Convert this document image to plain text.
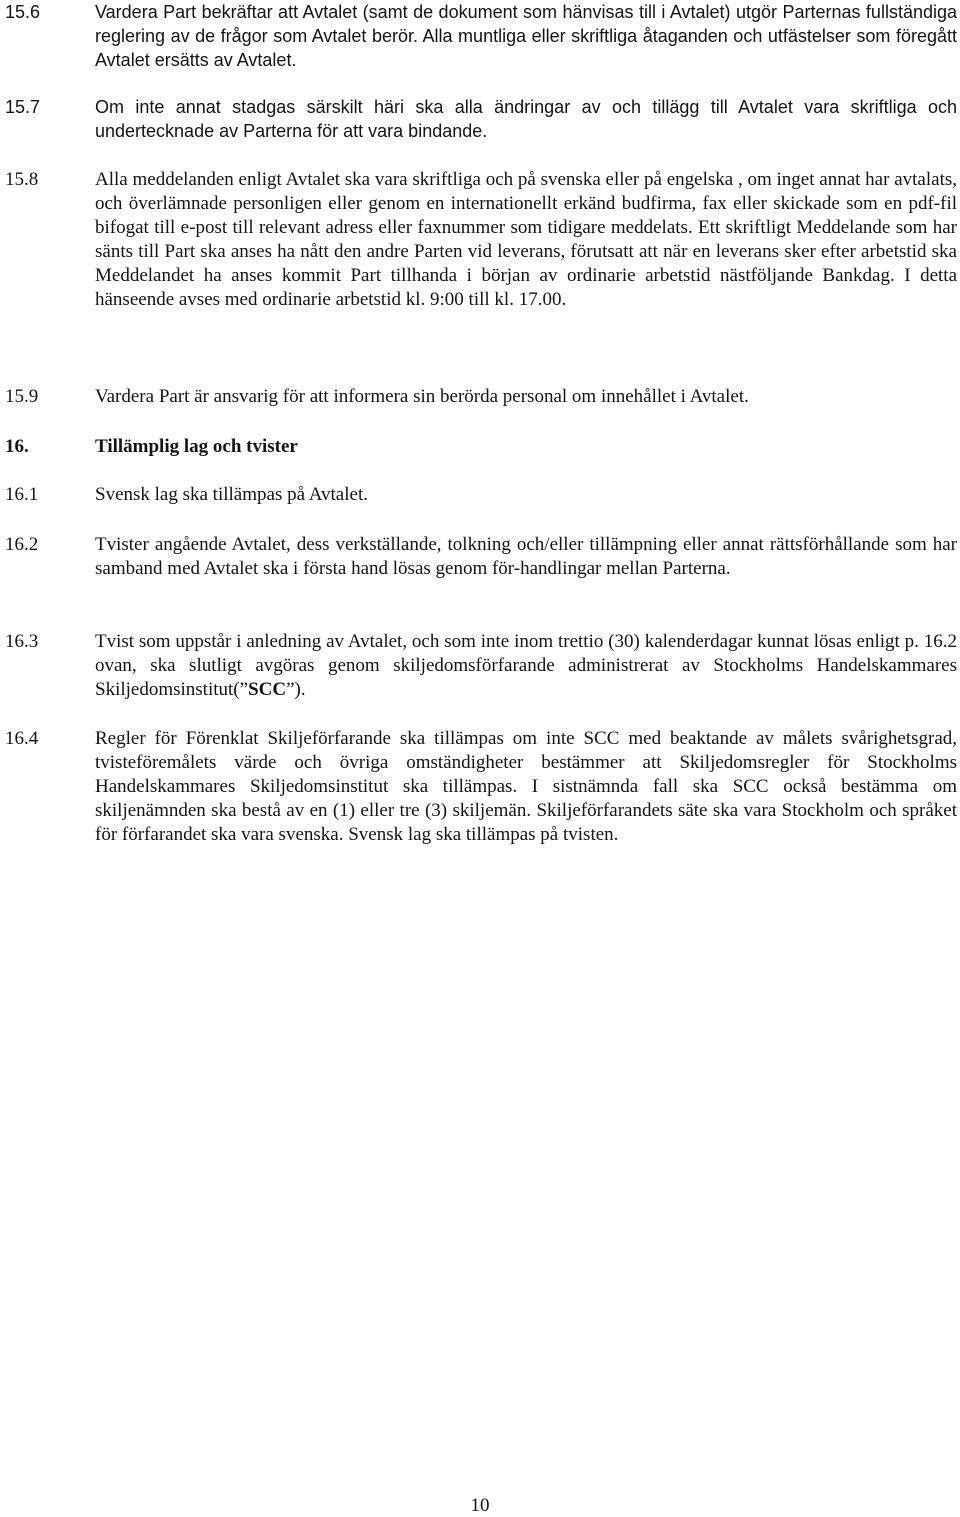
15.6	Vardera Part bekräftar att Avtalet (samt de dokument som hänvisas till i Avtalet) utgör Parternas fullständiga reglering av de frågor som Avtalet berör. Alla muntliga eller skriftliga åtaganden och utfästelser som föregått Avtalet ersätts av Avtalet.
15.7	Om inte annat stadgas särskilt häri ska alla ändringar av och tillägg till Avtalet vara skriftliga och undertecknade av Parterna för att vara bindande.
15.8	Alla meddelanden enligt Avtalet ska vara skriftliga och på svenska eller på engelska , om inget annat har avtalats, och överlämnade personligen eller genom en internationellt erkänd budfirma, fax eller skickade som en pdf-fil bifogat till e-post till relevant adress eller faxnummer som tidigare meddelats. Ett skriftligt Meddelande som har sänts till Part ska anses ha nått den andre Parten vid leverans, förutsatt att när en leverans sker efter arbetstid ska Meddelandet ha anses kommit Part tillhanda i början av ordinarie arbetstid nästföljande Bankdag. I detta hänseende avses med ordinarie arbetstid kl. 9:00 till kl. 17.00.
15.9	Vardera Part är ansvarig för att informera sin berörda personal om innehållet i Avtalet.
16.	Tillämplig lag och tvister
16.1	Svensk lag ska tillämpas på Avtalet.
16.2	Tvister angående Avtalet, dess verkställande, tolkning och/eller tillämpning eller annat rättsförhållande som har samband med Avtalet ska i första hand lösas genom för-handlingar mellan Parterna.
16.3	Tvist som uppstår i anledning av Avtalet, och som inte inom trettio (30) kalenderdagar kunnat lösas enligt p. 16.2 ovan, ska slutligt avgöras genom skiljedomsförfarande administrerat av Stockholms Handelskammares Skiljedomsinstitut(”SCC”).
16.4	Regler för Förenklat Skiljeförfarande ska tillämpas om inte SCC med beaktande av målets svårighetsgrad, tvisteföremålets värde och övriga omständigheter bestämmer att Skiljedomsregler för Stockholms Handelskammares Skiljedomsinstitut ska tillämpas. I sistnämnda fall ska SCC också bestämma om skiljenämnden ska bestå av en (1) eller tre (3) skiljemän. Skiljeförfarandets säte ska vara Stockholm och språket för förfarandet ska vara svenska. Svensk lag ska tillämpas på tvisten.
10
